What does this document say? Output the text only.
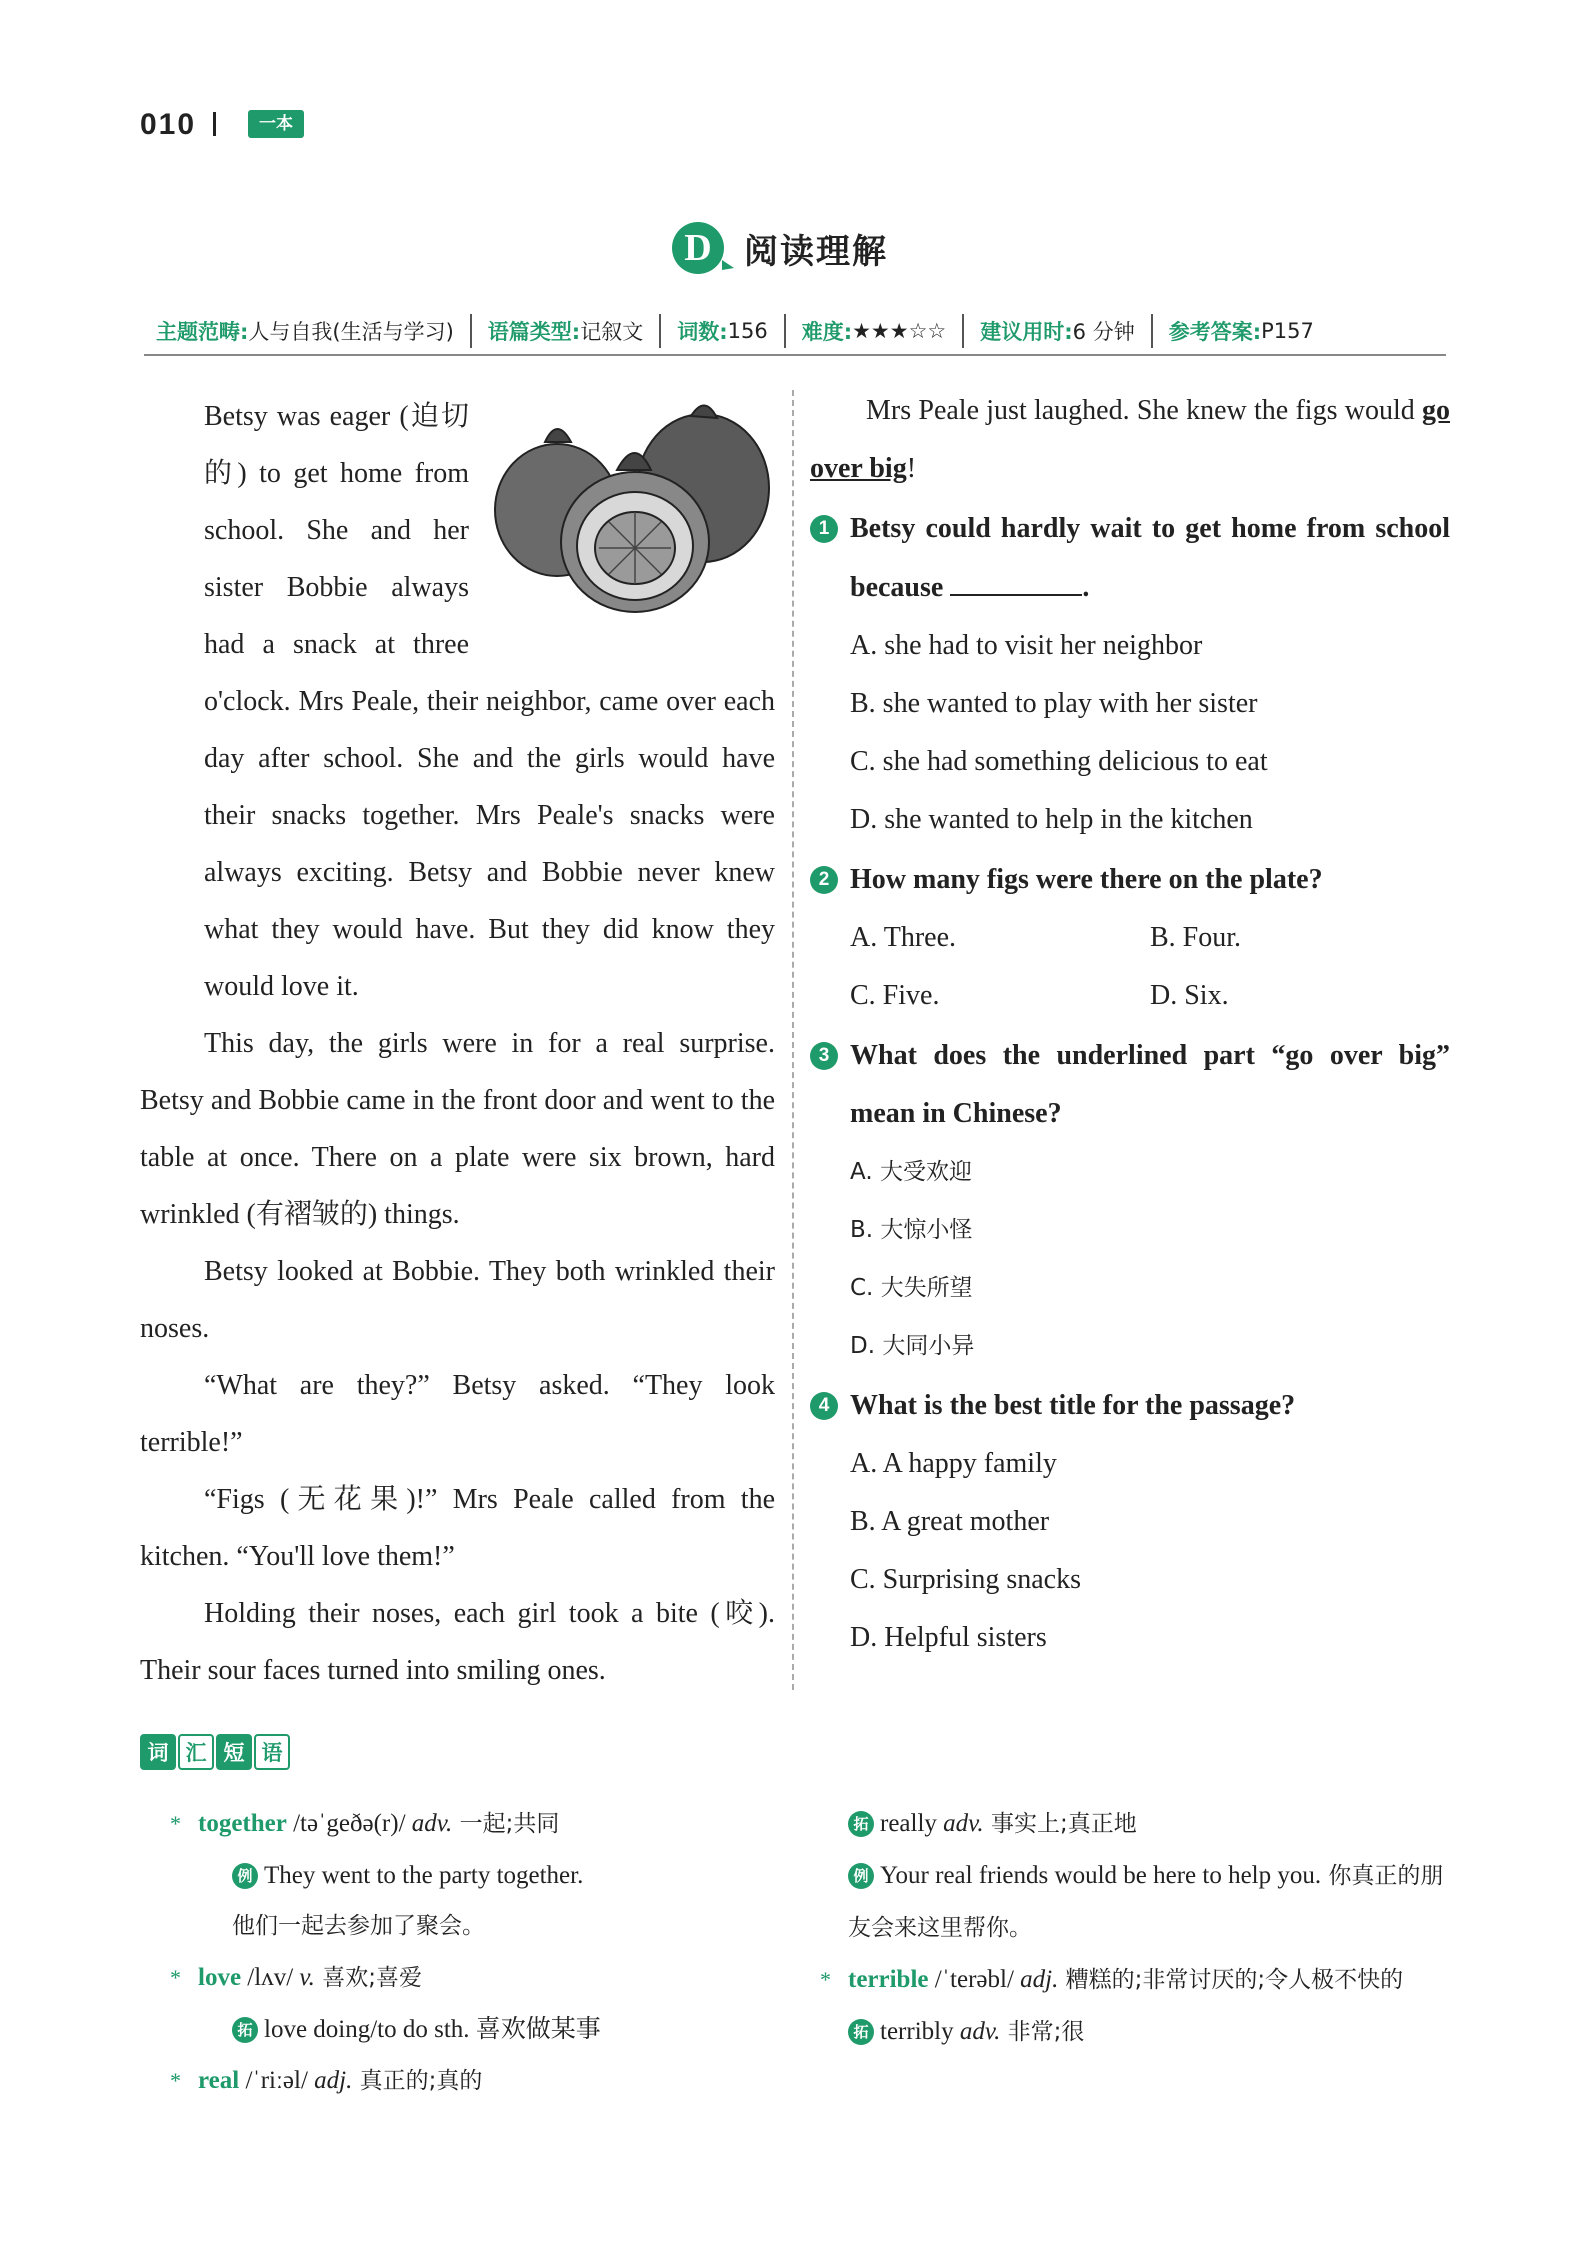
010	一本
D 阅读理解
主题范畴: 人与自我(生活与学习) 语篇类型: 记叙文 词数: 156 难度: ★★★☆☆ 建议用时: 6 分钟 参考答案: P157

Betsy was eager (迫切的) to get home from school. She and her sister Bobbie always had a snack at three o'clock. Mrs Peale, their neighbor, came over each day after school. She and the girls would have their snacks together. Mrs Peale's snacks were always exciting. Betsy and Bobbie never knew what they would have. But they did know they would love it.

This day, the girls were in for a real surprise. Betsy and Bobbie came in the front door and went to the table at once. There on a plate were six brown, hard wrinkled (有褶皱的) things.

Betsy looked at Bobbie. They both wrinkled their noses.

“What are they?” Betsy asked. “They look terrible!”

“Figs (无花果)!” Mrs Peale called from the kitchen. “You'll love them!”

Holding their noses, each girl took a bite (咬). Their sour faces turned into smiling ones.

Mrs Peale just laughed. She knew the figs would go over big!

1 Betsy could hardly wait to get home from school because	.
A. she had to visit her neighbor
B. she wanted to play with her sister
C. she had something delicious to eat
D. she wanted to help in the kitchen
2 How many figs were there on the plate?
A. Three.	B. Four.
C. Five.	D. Six.
3 What does the underlined part “go over big” mean in Chinese?
A. 大受欢迎
B. 大惊小怪
C. 大失所望
D. 大同小异
4 What is the best title for the passage?
A. A happy family
B. A great mother
C. Surprising snacks
D. Helpful sisters
词 汇 短 语
* together /təˈgeðə(r)/ adv. 一起;共同
例 They went to the party together.
他们一起去参加了聚会。
* love /lʌv/ v. 喜欢;喜爱
拓 love doing/to do sth. 喜欢做某事
* real /ˈriːəl/ adj. 真正的;真的
拓 really adv. 事实上;真正地
例 Your real friends would be here to help you. 你真正的朋友会来这里帮你。
* terrible /ˈterəbl/ adj. 糟糕的;非常讨厌的;令人极不快的
拓 terribly adv. 非常;很
